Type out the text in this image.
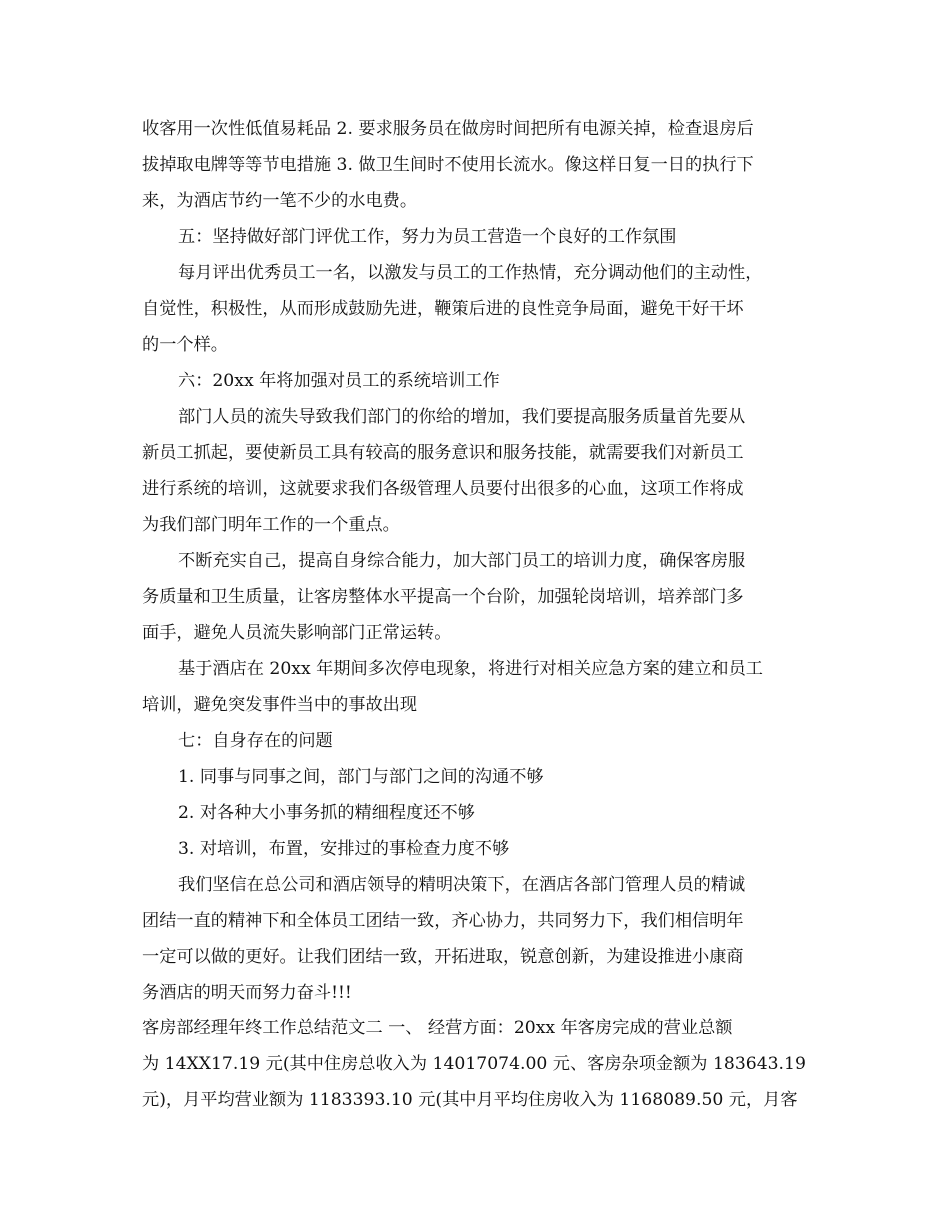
收客用一次性低值易耗品 2. 要求服务员在做房时间把所有电源关掉，检查退房后
拔掉取电牌等等节电措施 3. 做卫生间时不使用长流水。像这样日复一日的执行下
来，为酒店节约一笔不少的水电费。
五：坚持做好部门评优工作，努力为员工营造一个良好的工作氛围
每月评出优秀员工一名，以激发与员工的工作热情，充分调动他们的主动性，
自觉性，积极性，从而形成鼓励先进，鞭策后进的良性竞争局面，避免干好干坏
的一个样。
六：20xx 年将加强对员工的系统培训工作
部门人员的流失导致我们部门的你给的增加，我们要提高服务质量首先要从
新员工抓起，要使新员工具有较高的服务意识和服务技能，就需要我们对新员工
进行系统的培训，这就要求我们各级管理人员要付出很多的心血，这项工作将成
为我们部门明年工作的一个重点。
不断充实自己，提高自身综合能力，加大部门员工的培训力度，确保客房服
务质量和卫生质量，让客房整体水平提高一个台阶，加强轮岗培训，培养部门多
面手，避免人员流失影响部门正常运转。
基于酒店在 20xx 年期间多次停电现象，将进行对相关应急方案的建立和员工
培训，避免突发事件当中的事故出现
七：自身存在的问题
1. 同事与同事之间，部门与部门之间的沟通不够
2. 对各种大小事务抓的精细程度还不够
3. 对培训，布置，安排过的事检查力度不够
我们坚信在总公司和酒店领导的精明决策下，在酒店各部门管理人员的精诚
团结一直的精神下和全体员工团结一致，齐心协力，共同努力下，我们相信明年
一定可以做的更好。让我们团结一致，开拓进取，锐意创新，为建设推进小康商
务酒店的明天而努力奋斗!!!
客房部经理年终工作总结范文二 一、 经营方面：20xx 年客房完成的营业总额
为 14XX17.19 元(其中住房总收入为 14017074.00 元、客房杂项金额为 183643.19
元)，月平均营业额为 1183393.10 元(其中月平均住房收入为 1168089.50 元，月客
